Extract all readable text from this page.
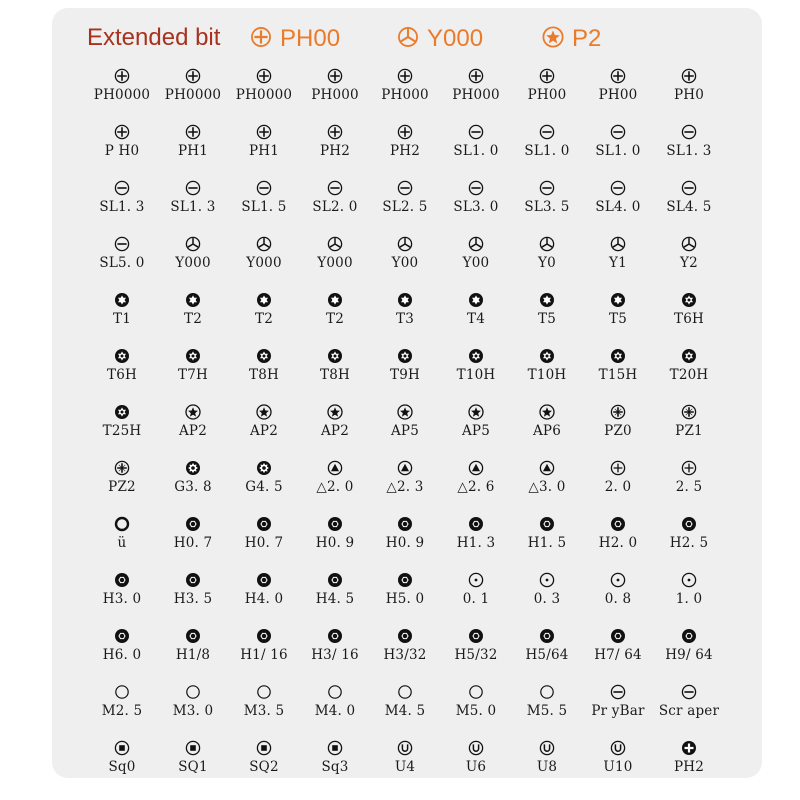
Extended bit PH00	Y000	P2
PH0000	PH0000	PH0000	PH000	PH000	PH000	PH00	PH00	PH0
P H0	PH1	PH1	PH2	PH2	SL1. 0	SL1. 0	SL1. 0	SL1. 3
SL1. 3	SL1. 3	SL1. 5	SL2. 0	SL2. 5	SL3. 0	SL3. 5	SL4. 0	SL4. 5
SL5. 0	Y000	Y000	Y000	Y00	Y00	Y0	Y1	Y2
T1	T2	T2	T2	T3	T4	T5	T5	T6H
T6H	T7H	T8H	T8H	T9H	T10H	T10H	T15H	T20H
T25H	AP2	AP2	AP2	AP5	AP5	AP6	PZ0	PZ1
PZ2	G3. 8	G4. 5	△2. 0	△2. 3	△2. 6	△3. 0	2. 0	2. 5
ü	H0. 7	H0. 7	H0. 9	H0. 9	H1. 3	H1. 5	H2. 0	H2. 5
H3. 0	H3. 5	H4. 0	H4. 5	H5. 0	0. 1	0. 3	0. 8	1. 0
H6. 0	H1/8	H1/ 16	H3/ 16	H3/32	H5/32	H5/64	H7/ 64	H9/ 64
M2. 5	M3. 0	M3. 5	M4. 0	M4. 5	M5. 0	M5. 5	Pr yBar	Scr aper
Sq0	SQ1	SQ2	Sq3	U4	U6	U8	U10	PH2
